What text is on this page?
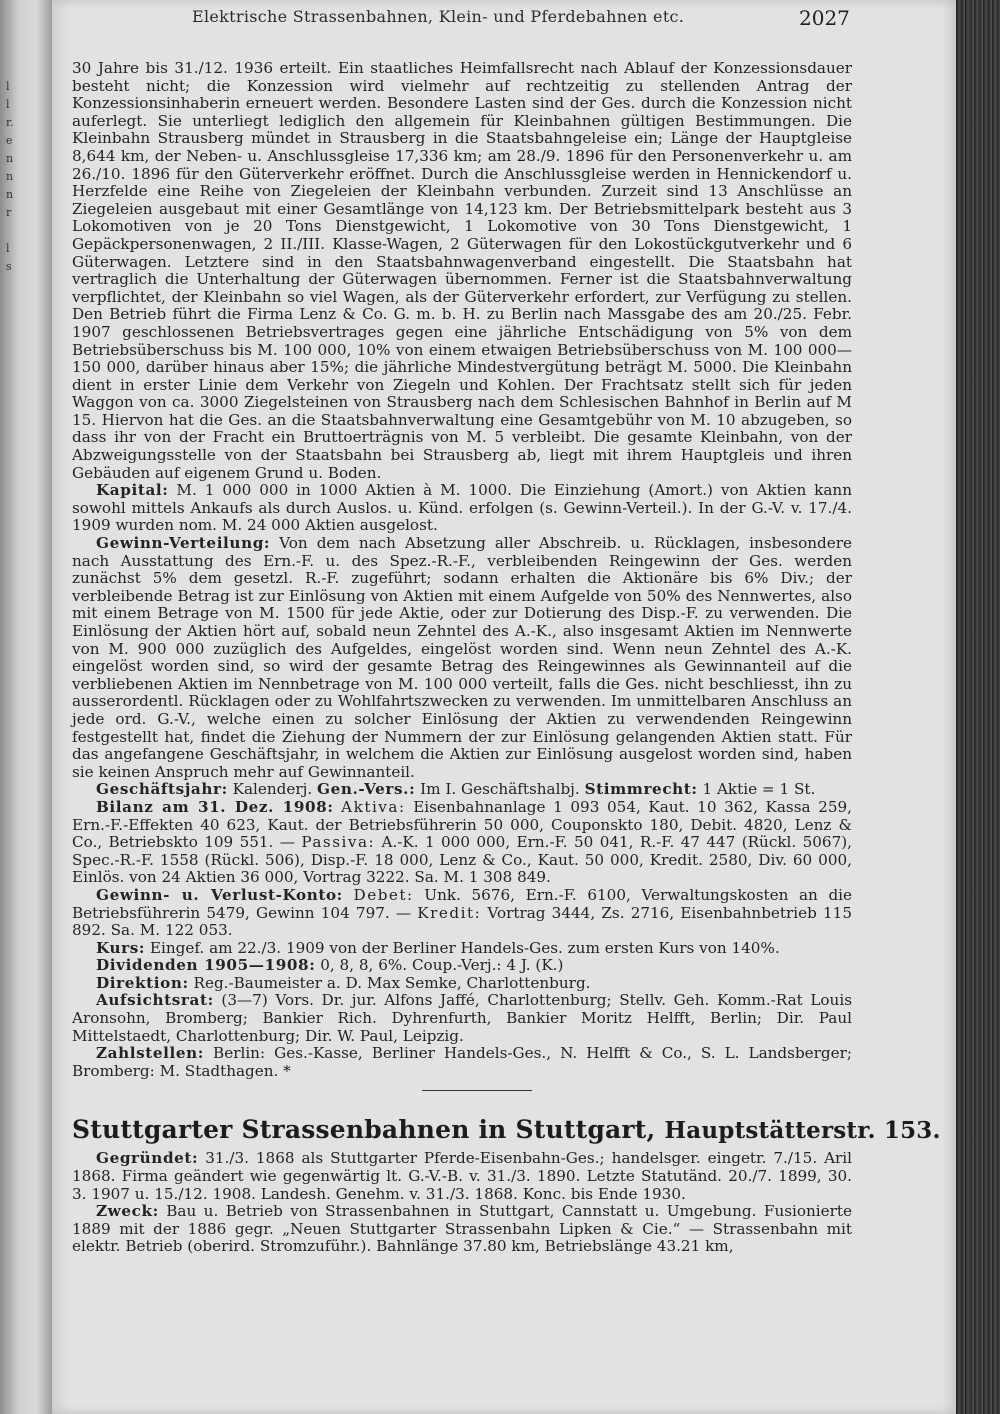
l
l
r.
e
n
n
n
r
l
s
Elektrische Strassenbahnen, Klein- und Pferdebahnen etc.	2027

30 Jahre bis 31./12. 1936 erteilt. Ein staatliches Heimfallsrecht nach Ablauf der Konzessionsdauer besteht nicht; die Konzession wird vielmehr auf rechtzeitig zu stellenden Antrag der Konzessionsinhaberin erneuert werden. Besondere Lasten sind der Ges. durch die Konzession nicht auferlegt. Sie unterliegt lediglich den allgemein für Kleinbahnen gültigen Bestimmungen. Die Kleinbahn Strausberg mündet in Strausberg in die Staatsbahngeleise ein; Länge der Hauptgleise 8,644 km, der Neben- u. Anschlussgleise 17,336 km; am 28./9. 1896 für den Personenverkehr u. am 26./10. 1896 für den Güterverkehr eröffnet. Durch die Anschlussgleise werden in Hennickendorf u. Herzfelde eine Reihe von Ziegeleien der Kleinbahn verbunden. Zurzeit sind 13 Anschlüsse an Ziegeleien ausgebaut mit einer Gesamtlänge von 14,123 km. Der Betriebsmittelpark besteht aus 3 Lokomotiven von je 20 Tons Dienstgewicht, 1 Lokomotive von 30 Tons Dienstgewicht, 1 Gepäckpersonenwagen, 2 II./III. Klasse-Wagen, 2 Güterwagen für den Lokostückgutverkehr und 6 Güterwagen. Letztere sind in den Staatsbahnwagenverband eingestellt. Die Staatsbahn hat vertraglich die Unterhaltung der Güterwagen übernommen. Ferner ist die Staatsbahnverwaltung verpflichtet, der Kleinbahn so viel Wagen, als der Güterverkehr erfordert, zur Verfügung zu stellen. Den Betrieb führt die Firma Lenz & Co. G. m. b. H. zu Berlin nach Massgabe des am 20./25. Febr. 1907 geschlossenen Betriebsvertrages gegen eine jährliche Entschädigung von 5% von dem Betriebsüberschuss bis M. 100 000, 10% von einem etwaigen Betriebsüberschuss von M. 100 000—150 000, darüber hinaus aber 15%; die jährliche Mindestvergütung beträgt M. 5000. Die Kleinbahn dient in erster Linie dem Verkehr von Ziegeln und Kohlen. Der Frachtsatz stellt sich für jeden Waggon von ca. 3000 Ziegelsteinen von Strausberg nach dem Schlesischen Bahnhof in Berlin auf M 15. Hiervon hat die Ges. an die Staatsbahnverwaltung eine Gesamtgebühr von M. 10 abzugeben, so dass ihr von der Fracht ein Bruttoerträgnis von M. 5 verbleibt. Die gesamte Kleinbahn, von der Abzweigungsstelle von der Staatsbahn bei Strausberg ab, liegt mit ihrem Hauptgleis und ihren Gebäuden auf eigenem Grund u. Boden.

Kapital: M. 1 000 000 in 1000 Aktien à M. 1000. Die Einziehung (Amort.) von Aktien kann sowohl mittels Ankaufs als durch Auslos. u. Künd. erfolgen (s. Gewinn-Verteil.). In der G.-V. v. 17./4. 1909 wurden nom. M. 24 000 Aktien ausgelost.

Gewinn-Verteilung: Von dem nach Absetzung aller Abschreib. u. Rücklagen, insbesondere nach Ausstattung des Ern.-F. u. des Spez.-R.-F., verbleibenden Reingewinn der Ges. werden zunächst 5% dem gesetzl. R.-F. zugeführt; sodann erhalten die Aktionäre bis 6% Div.; der verbleibende Betrag ist zur Einlösung von Aktien mit einem Aufgelde von 50% des Nennwertes, also mit einem Betrage von M. 1500 für jede Aktie, oder zur Dotierung des Disp.-F. zu verwenden. Die Einlösung der Aktien hört auf, sobald neun Zehntel des A.-K., also insgesamt Aktien im Nennwerte von M. 900 000 zuzüglich des Aufgeldes, eingelöst worden sind. Wenn neun Zehntel des A.-K. eingelöst worden sind, so wird der gesamte Betrag des Reingewinnes als Gewinnanteil auf die verbliebenen Aktien im Nennbetrage von M. 100 000 verteilt, falls die Ges. nicht beschliesst, ihn zu ausserordentl. Rücklagen oder zu Wohlfahrtszwecken zu verwenden. Im unmittelbaren Anschluss an jede ord. G.-V., welche einen zu solcher Einlösung der Aktien zu verwendenden Reingewinn festgestellt hat, findet die Ziehung der Nummern der zur Einlösung gelangenden Aktien statt. Für das angefangene Geschäftsjahr, in welchem die Aktien zur Einlösung ausgelost worden sind, haben sie keinen Anspruch mehr auf Gewinnanteil.

Geschäftsjahr: Kalenderj. Gen.-Vers.: Im I. Geschäftshalbj. Stimmrecht: 1 Aktie = 1 St.

Bilanz am 31. Dez. 1908: Aktiva: Eisenbahnanlage 1 093 054, Kaut. 10 362, Kassa 259, Ern.-F.-Effekten 40 623, Kaut. der Betriebsführerin 50 000, Couponskto 180, Debit. 4820, Lenz & Co., Betriebskto 109 551. — Passiva: A.-K. 1 000 000, Ern.-F. 50 041, R.-F. 47 447 (Rückl. 5067), Spec.-R.-F. 1558 (Rückl. 506), Disp.-F. 18 000, Lenz & Co., Kaut. 50 000, Kredit. 2580, Div. 60 000, Einlös. von 24 Aktien 36 000, Vortrag 3222. Sa. M. 1 308 849.

Gewinn- u. Verlust-Konto: Debet: Unk. 5676, Ern.-F. 6100, Verwaltungskosten an die Betriebsführerin 5479, Gewinn 104 797. — Kredit: Vortrag 3444, Zs. 2716, Eisenbahnbetrieb 115 892. Sa. M. 122 053.

Kurs: Eingef. am 22./3. 1909 von der Berliner Handels-Ges. zum ersten Kurs von 140%.

Dividenden 1905—1908: 0, 8, 8, 6%. Coup.-Verj.: 4 J. (K.)

Direktion: Reg.-Baumeister a. D. Max Semke, Charlottenburg.

Aufsichtsrat: (3—7) Vors. Dr. jur. Alfons Jaffé, Charlottenburg; Stellv. Geh. Komm.-Rat Louis Aronsohn, Bromberg; Bankier Rich. Dyhrenfurth, Bankier Moritz Helfft, Berlin; Dir. Paul Mittelstaedt, Charlottenburg; Dir. W. Paul, Leipzig.

Zahlstellen: Berlin: Ges.-Kasse, Berliner Handels-Ges., N. Helfft & Co., S. L. Landsberger; Bromberg: M. Stadthagen. *

Stuttgarter Strassenbahnen in Stuttgart, Hauptstätterstr. 153.

Gegründet: 31./3. 1868 als Stuttgarter Pferde-Eisenbahn-Ges.; handelsger. eingetr. 7./15. Aril 1868. Firma geändert wie gegenwärtig lt. G.-V.-B. v. 31./3. 1890. Letzte Statutänd. 20./7. 1899, 30. 3. 1907 u. 15./12. 1908. Landesh. Genehm. v. 31./3. 1868. Konc. bis Ende 1930.

Zweck: Bau u. Betrieb von Strassenbahnen in Stuttgart, Cannstatt u. Umgebung. Fusionierte 1889 mit der 1886 gegr. „Neuen Stuttgarter Strassenbahn Lipken & Cie.“ — Strassenbahn mit elektr. Betrieb (oberird. Stromzuführ.). Bahnlänge 37.80 km, Betriebslänge 43.21 km,
